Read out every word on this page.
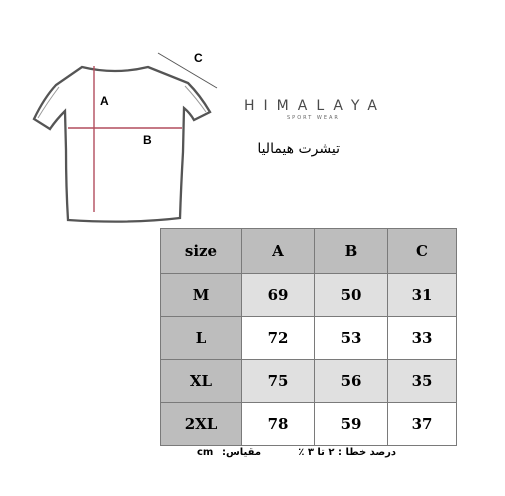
A
B
C
HIMALAYA
SPORT WEAR
تیشرت هیمالیا
size	A	B	C
M	69	50	31
L	72	53	33
XL	75	56	35
2XL	78	59	37
درصد خطا : ۲ تا ۳ ٪
مقیاس:
cm
